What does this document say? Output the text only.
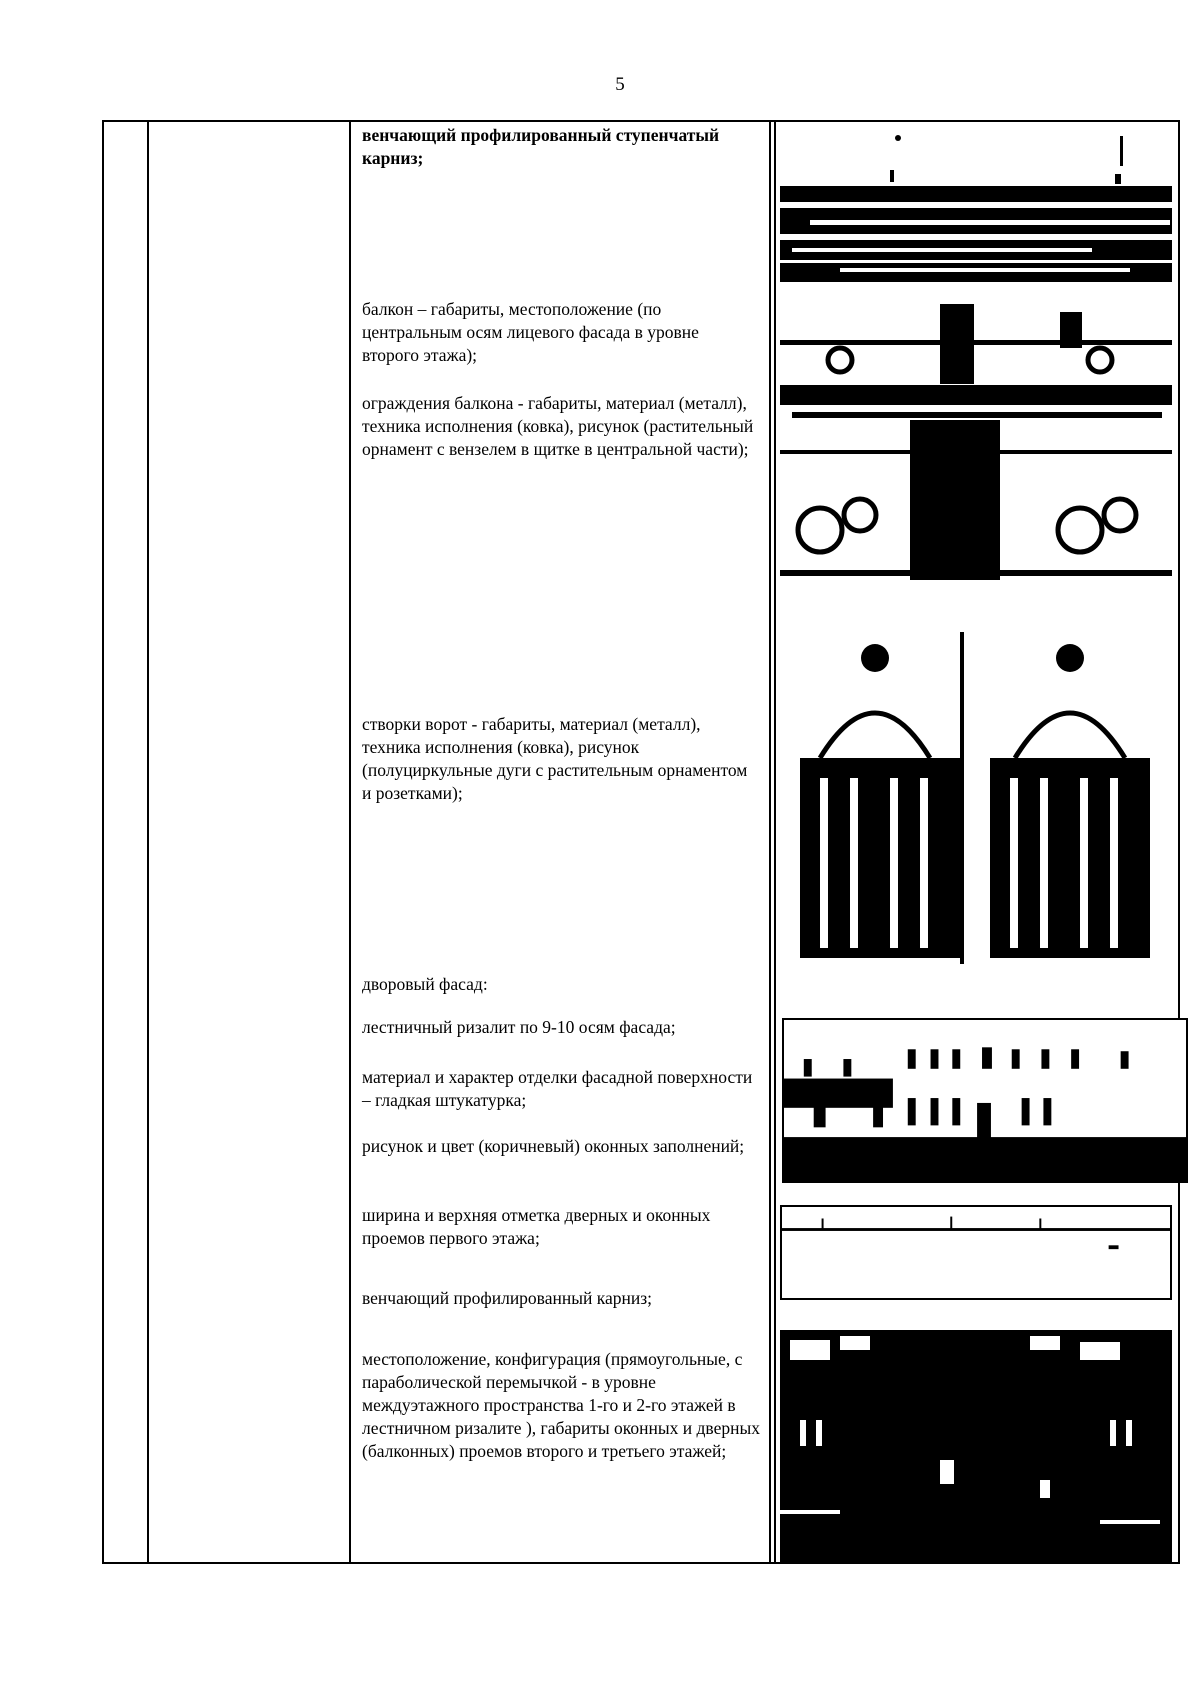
5
венчающий профилированный ступенчатый карниз;
балкон – габариты, местоположение (по центральным осям лицевого фасада в уровне второго этажа);
ограждения балкона - габариты, материал (металл), техника исполнения (ковка), рисунок (растительный орнамент с вензелем в щитке в центральной части);
створки ворот - габариты, материал (металл), техника исполнения (ковка), рисунок (полуциркульные дуги с растительным орнаментом и розетками);
дворовый фасад:
лестничный ризалит по 9-10 осям фасада;
материал и характер отделки фасадной поверхности – гладкая штукатурка;
рисунок и цвет (коричневый) оконных заполнений;
ширина и верхняя отметка дверных и оконных проемов первого этажа;
венчающий профилированный карниз;
местоположение, конфигурация (прямоугольные, с параболической перемычкой - в уровне междуэтажного пространства 1-го и 2-го этажей в лестничном ризалите ), габариты оконных и дверных (балконных) проемов второго и третьего этажей;
